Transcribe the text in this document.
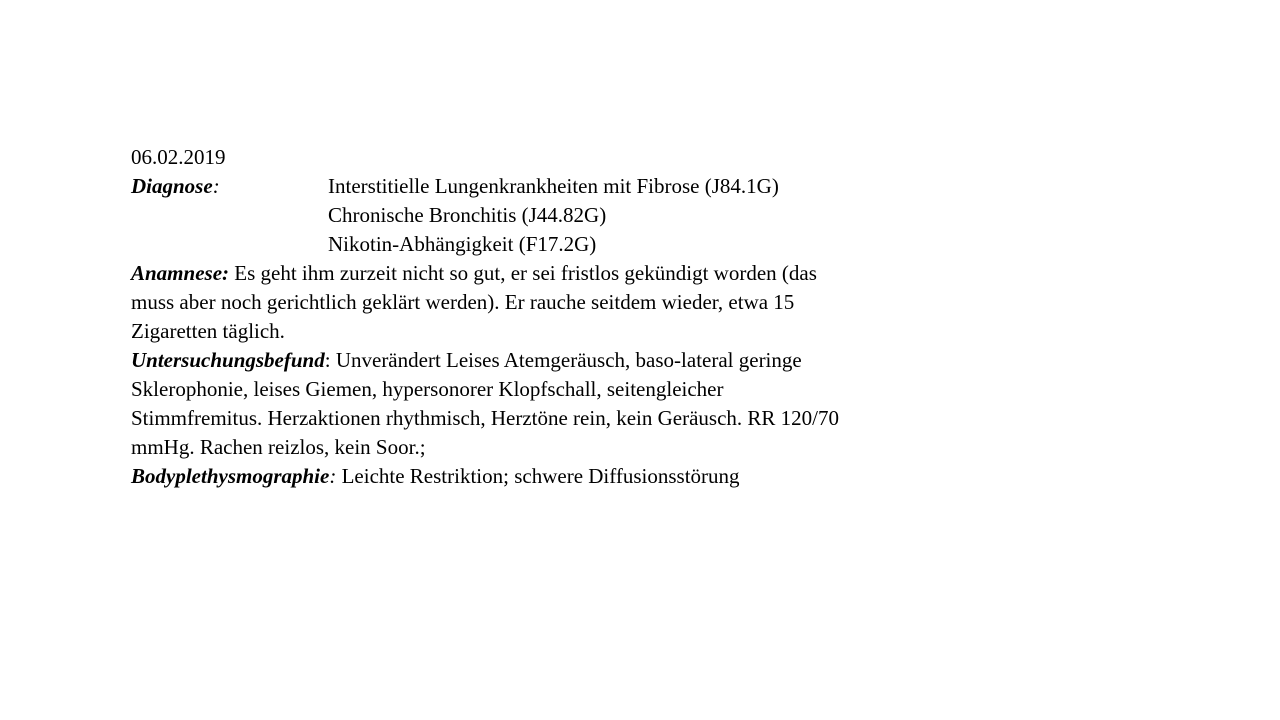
06.02.2019
Diagnose:	Interstitielle Lungenkrankheiten mit Fibrose (J84.1G)
Chronische Bronchitis (J44.82G)
Nikotin-Abhängigkeit (F17.2G)
Anamnese: Es geht ihm zurzeit nicht so gut, er sei fristlos gekündigt worden (das
muss aber noch gerichtlich geklärt werden). Er rauche seitdem wieder, etwa 15
Zigaretten täglich.
Untersuchungsbefund: Unverändert Leises Atemgeräusch, baso-lateral geringe
Sklerophonie, leises Giemen, hypersonorer Klopfschall, seitengleicher
Stimmfremitus. Herzaktionen rhythmisch, Herztöne rein, kein Geräusch. RR 120/70
mmHg. Rachen reizlos, kein Soor.;
Bodyplethysmographie: Leichte Restriktion; schwere Diffusionsstörung
